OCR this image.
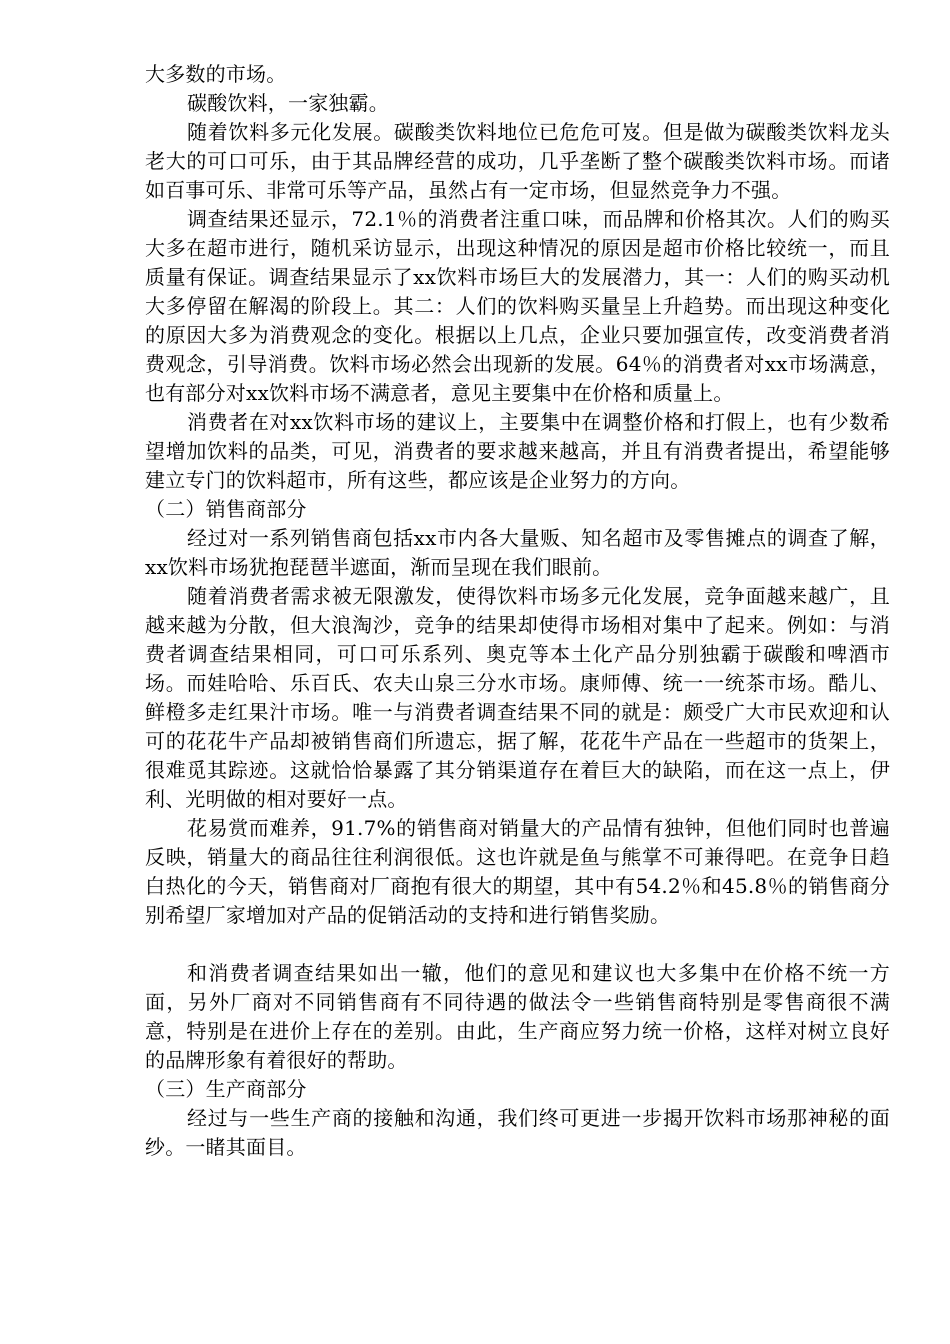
大多数的市场。

碳酸饮料，一家独霸。

随着饮料多元化发展。碳酸类饮料地位已危危可岌。但是做为碳酸类饮料龙头老大的可口可乐，由于其品牌经营的成功，几乎垄断了整个碳酸类饮料市场。而诸如百事可乐、非常可乐等产品，虽然占有一定市场，但显然竞争力不强。

调查结果还显示，72.1％的消费者注重口味，而品牌和价格其次。人们的购买大多在超市进行，随机采访显示，出现这种情况的原因是超市价格比较统一，而且质量有保证。调查结果显示了xx饮料市场巨大的发展潜力，其一：人们的购买动机大多停留在解渴的阶段上。其二：人们的饮料购买量呈上升趋势。而出现这种变化的原因大多为消费观念的变化。根据以上几点，企业只要加强宣传，改变消费者消费观念，引导消费。饮料市场必然会出现新的发展。64％的消费者对xx市场满意，也有部分对xx饮料市场不满意者，意见主要集中在价格和质量上。

消费者在对xx饮料市场的建议上，主要集中在调整价格和打假上，也有少数希望增加饮料的品类，可见，消费者的要求越来越高，并且有消费者提出，希望能够建立专门的饮料超市，所有这些，都应该是企业努力的方向。

（二）销售商部分

经过对一系列销售商包括xx市内各大量贩、知名超市及零售摊点的调查了解，xx饮料市场犹抱琵琶半遮面，渐而呈现在我们眼前。

随着消费者需求被无限激发，使得饮料市场多元化发展，竞争面越来越广，且越来越为分散，但大浪淘沙，竞争的结果却使得市场相对集中了起来。例如：与消费者调查结果相同，可口可乐系列、奥克等本土化产品分别独霸于碳酸和啤酒市场。而娃哈哈、乐百氏、农夫山泉三分水市场。康师傅、统一一统茶市场。酷儿、鲜橙多走红果汁市场。唯一与消费者调查结果不同的就是：颇受广大市民欢迎和认可的花花牛产品却被销售商们所遗忘，据了解，花花牛产品在一些超市的货架上，很难觅其踪迹。这就恰恰暴露了其分销渠道存在着巨大的缺陷，而在这一点上，伊利、光明做的相对要好一点。

花易赏而难养，91.7%的销售商对销量大的产品情有独钟，但他们同时也普遍反映，销量大的商品往往利润很低。这也许就是鱼与熊掌不可兼得吧。在竞争日趋白热化的今天，销售商对厂商抱有很大的期望，其中有54.2％和45.8％的销售商分别希望厂家增加对产品的促销活动的支持和进行销售奖励。

和消费者调查结果如出一辙，他们的意见和建议也大多集中在价格不统一方面，另外厂商对不同销售商有不同待遇的做法令一些销售商特别是零售商很不满意，特别是在进价上存在的差别。由此，生产商应努力统一价格，这样对树立良好的品牌形象有着很好的帮助。

（三）生产商部分

经过与一些生产商的接触和沟通，我们终可更进一步揭开饮料市场那神秘的面纱。一睹其面目。
